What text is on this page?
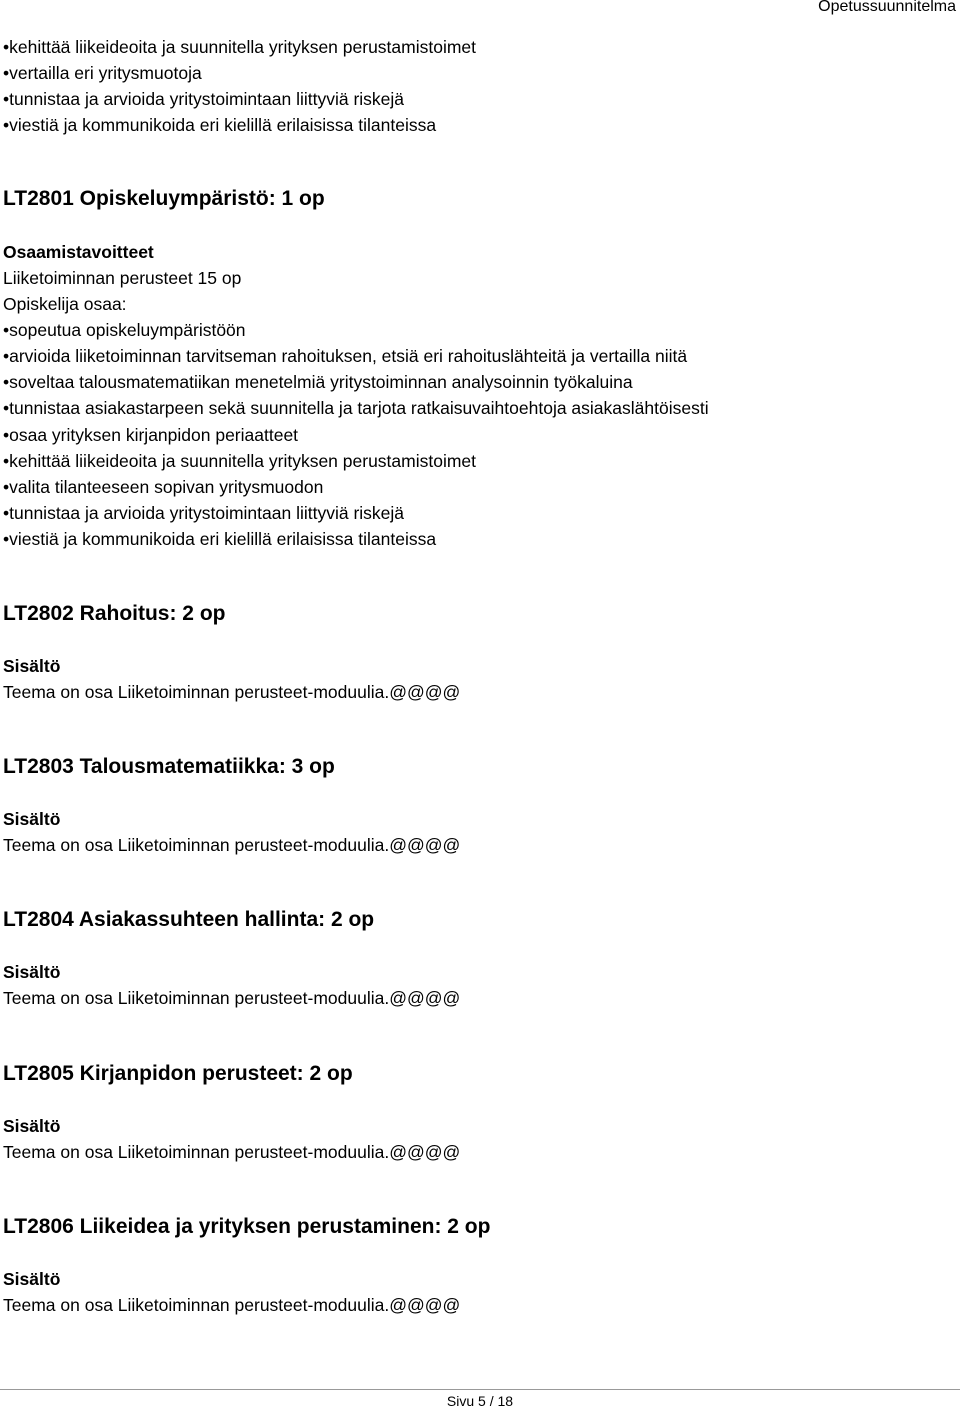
Opetussuunnitelma
•kehittää liikeideoita ja suunnitella yrityksen perustamistoimet
•vertailla eri yritysmuotoja
•tunnistaa ja arvioida yritystoimintaan liittyviä riskejä
•viestiä ja kommunikoida eri kielillä erilaisissa tilanteissa
LT2801 Opiskeluympäristö: 1 op
Osaamistavoitteet
Liiketoiminnan perusteet 15 op
Opiskelija osaa:
•sopeutua opiskeluympäristöön
•arvioida liiketoiminnan tarvitseman rahoituksen, etsiä eri rahoituslähteitä ja vertailla niitä
•soveltaa talousmatematiikan menetelmiä yritystoiminnan analysoinnin työkaluina
•tunnistaa asiakastarpeen sekä suunnitella ja tarjota ratkaisuvaihtoehtoja asiakaslähtöisesti
•osaa yrityksen kirjanpidon periaatteet
•kehittää liikeideoita ja suunnitella yrityksen perustamistoimet
•valita tilanteeseen sopivan yritysmuodon
•tunnistaa ja arvioida yritystoimintaan liittyviä riskejä
•viestiä ja kommunikoida eri kielillä erilaisissa tilanteissa
LT2802 Rahoitus: 2 op
Sisältö
Teema on osa Liiketoiminnan perusteet-moduulia.@@@@
LT2803 Talousmatematiikka: 3 op
Sisältö
Teema on osa Liiketoiminnan perusteet-moduulia.@@@@
LT2804 Asiakassuhteen hallinta: 2 op
Sisältö
Teema on osa Liiketoiminnan perusteet-moduulia.@@@@
LT2805 Kirjanpidon perusteet: 2 op
Sisältö
Teema on osa Liiketoiminnan perusteet-moduulia.@@@@
LT2806 Liikeidea ja yrityksen perustaminen: 2 op
Sisältö
Teema on osa Liiketoiminnan perusteet-moduulia.@@@@
Sivu 5 / 18
